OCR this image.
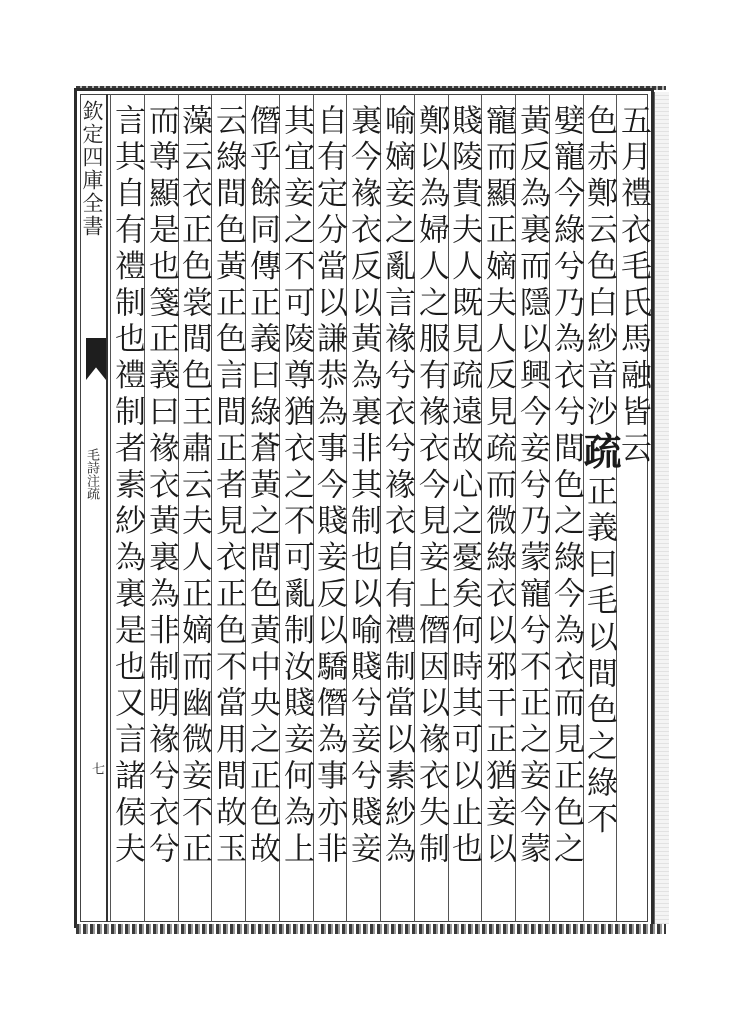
欽定四庫全書
毛詩注疏
七
五月禮衣毛氏馬融皆云
色赤鄭云色白紗音沙疏正義曰毛以間色之綠不
嬖寵今綠兮乃為衣兮間色之綠今為衣而見正色之
黃反為裏而隱以興今妾兮乃蒙寵兮不正之妾今蒙
寵而顯正嫡夫人反見疏而微綠衣以邪干正猶妾以
賤陵貴夫人既見疏遠故心之憂矣何時其可以止也
鄭以為婦人之服有褖衣今見妾上僭因以褖衣失制
喻嫡妾之亂言褖兮衣兮褖衣自有禮制當以素紗為
裏今褖衣反以黃為裏非其制也以喻賤兮妾兮賤妾
自有定分當以謙恭為事今賤妾反以驕僭為事亦非
其宜妾之不可陵尊猶衣之不可亂制汝賤妾何為上
僭乎餘同傳正義曰綠蒼黃之間色黃中央之正色故
云綠間色黃正色言間正者見衣正色不當用間故玉
藻云衣正色裳間色王肅云夫人正嫡而幽微妾不正
而尊顯是也箋正義曰褖衣黃裏為非制明褖兮衣兮
言其自有禮制也禮制者素紗為裏是也又言諸侯夫
